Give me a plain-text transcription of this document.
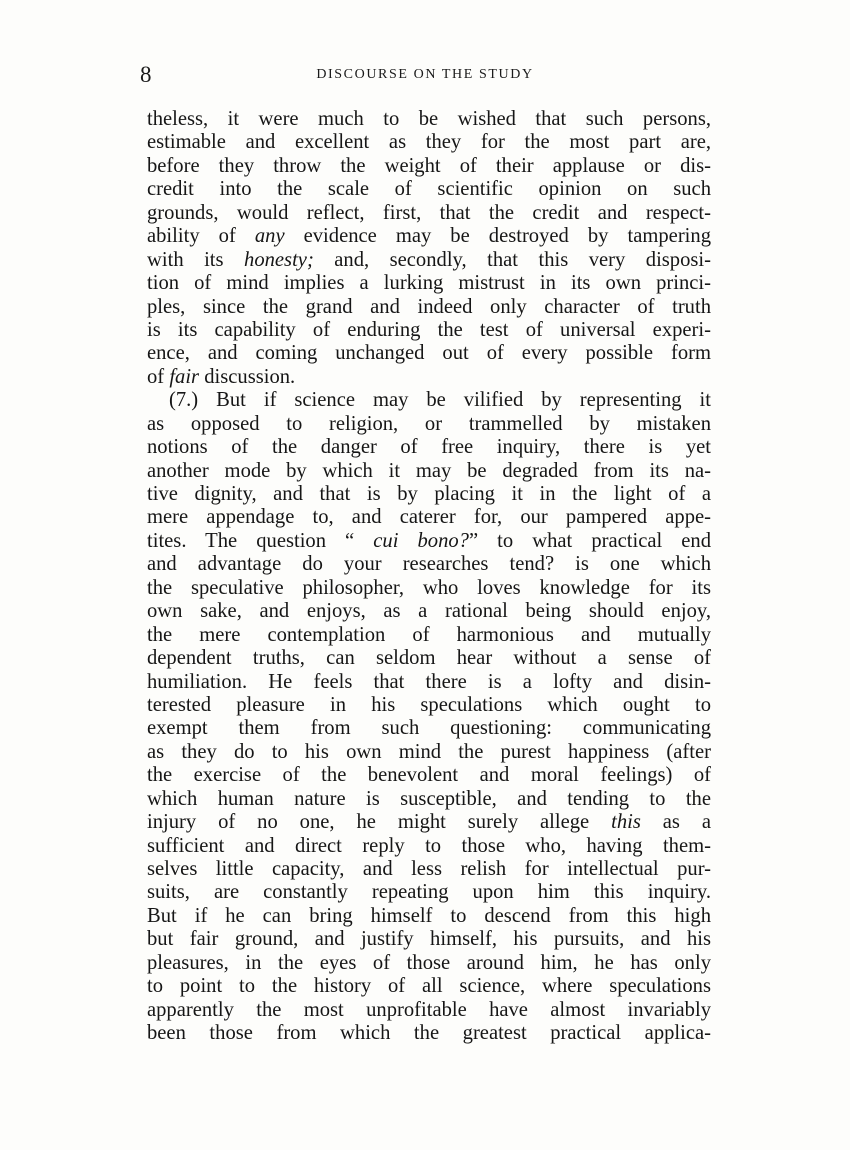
8	DISCOURSE ON THE STUDY
theless, it were much to be wished that such persons,
estimable and excellent as they for the most part are,
before they throw the weight of their applause or dis-
credit into the scale of scientific opinion on such
grounds, would reflect, first, that the credit and respect-
ability of any evidence may be destroyed by tampering
with its honesty; and, secondly, that this very disposi-
tion of mind implies a lurking mistrust in its own princi-
ples, since the grand and indeed only character of truth
is its capability of enduring the test of universal experi-
ence, and coming unchanged out of every possible form
of fair discussion.
(7.) But if science may be vilified by representing it
as opposed to religion, or trammelled by mistaken
notions of the danger of free inquiry, there is yet
another mode by which it may be degraded from its na-
tive dignity, and that is by placing it in the light of a
mere appendage to, and caterer for, our pampered appe-
tites. The question “ cui bono?” to what practical end
and advantage do your researches tend? is one which
the speculative philosopher, who loves knowledge for its
own sake, and enjoys, as a rational being should enjoy,
the mere contemplation of harmonious and mutually
dependent truths, can seldom hear without a sense of
humiliation. He feels that there is a lofty and disin-
terested pleasure in his speculations which ought to
exempt them from such questioning: communicating
as they do to his own mind the purest happiness (after
the exercise of the benevolent and moral feelings) of
which human nature is susceptible, and tending to the
injury of no one, he might surely allege this as a
sufficient and direct reply to those who, having them-
selves little capacity, and less relish for intellectual pur-
suits, are constantly repeating upon him this inquiry.
But if he can bring himself to descend from this high
but fair ground, and justify himself, his pursuits, and his
pleasures, in the eyes of those around him, he has only
to point to the history of all science, where speculations
apparently the most unprofitable have almost invariably
been those from which the greatest practical applica-
